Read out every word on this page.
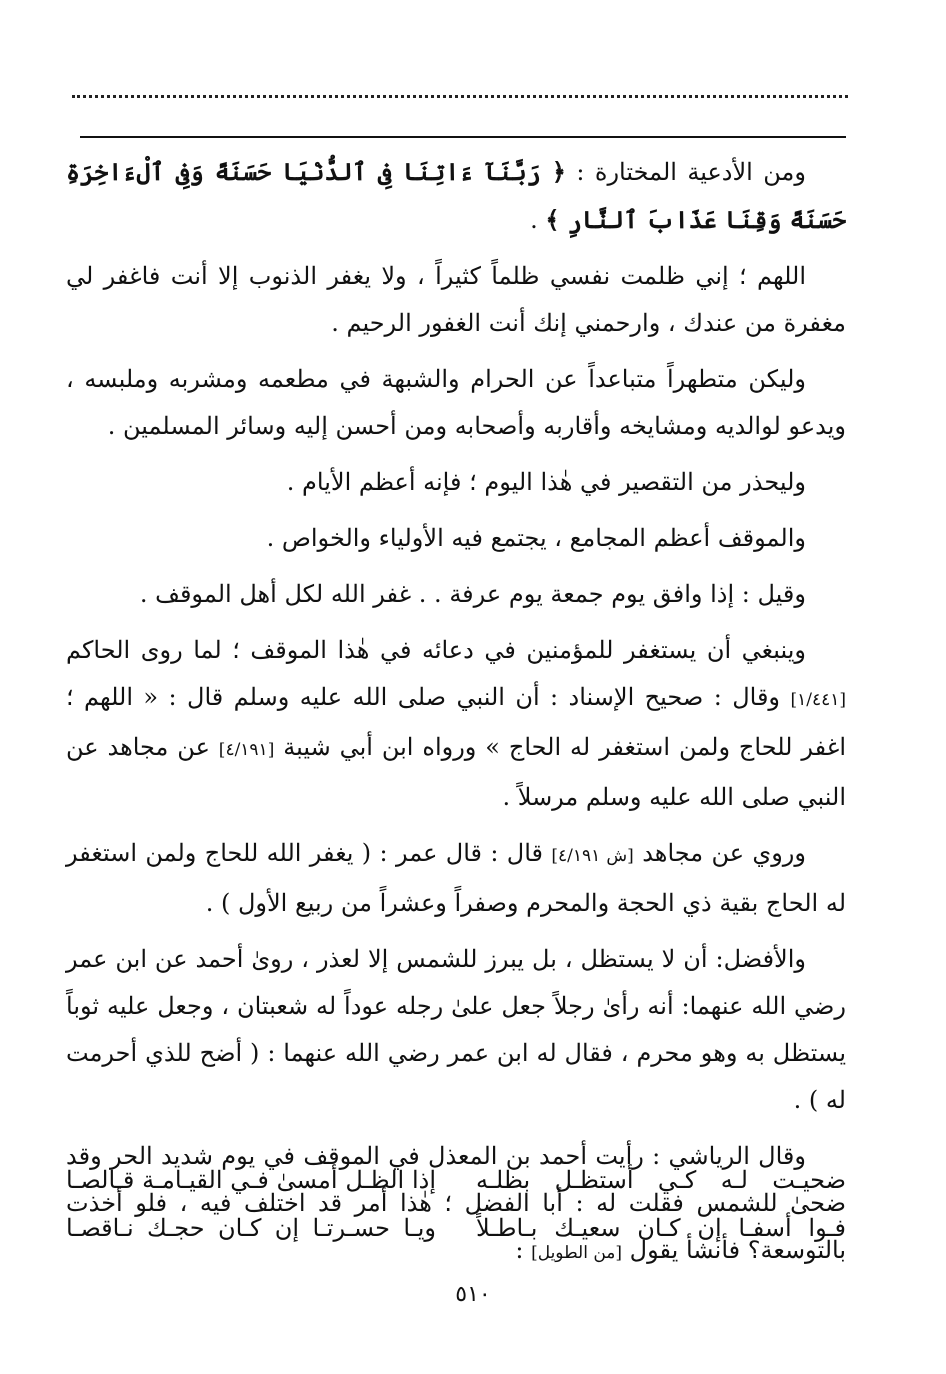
ومن الأدعية المختارة : ﴿ رَبَّنَآ ءَاتِنَا فِى ٱلدُّنْيَا حَسَنَةً وَفِى ٱلْءَاخِرَةِ حَسَنَةً وَقِنَا عَذَابَ ٱلنَّارِ ﴾ .

اللهم ؛ إني ظلمت نفسي ظلماً كثيراً ، ولا يغفر الذنوب إلا أنت فاغفر لي مغفرة من عندك ، وارحمني إنك أنت الغفور الرحيم .

وليكن متطهراً متباعداً عن الحرام والشبهة في مطعمه ومشربه وملبسه ، ويدعو لوالديه ومشايخه وأقاربه وأصحابه ومن أحسن إليه وسائر المسلمين .

وليحذر من التقصير في هٰذا اليوم ؛ فإنه أعظم الأيام .

والموقف أعظم المجامع ، يجتمع فيه الأولياء والخواص .

وقيل : إذا وافق يوم جمعة يوم عرفة . . غفر الله لكل أهل الموقف .

وينبغي أن يستغفر للمؤمنين في دعائه في هٰذا الموقف ؛ لما روى الحاكم [١/٤٤١] وقال : صحيح الإسناد : أن النبي صلى الله عليه وسلم قال : « اللهم ؛ اغفر للحاج ولمن استغفر له الحاج » ورواه ابن أبي شيبة [٤/١٩١] عن مجاهد عن النبي صلى الله عليه وسلم مرسلاً .

وروي عن مجاهد [ش ٤/١٩١] قال : قال عمر : ( يغفر الله للحاج ولمن استغفر له الحاج بقية ذي الحجة والمحرم وصفراً وعشراً من ربيع الأول ) .

والأفضل: أن لا يستظل ، بل يبرز للشمس إلا لعذر ، روىٰ أحمد عن ابن عمر رضي الله عنهما: أنه رأىٰ رجلاً جعل علىٰ رجله عوداً له شعبتان ، وجعل عليه ثوباً يستظل به وهو محرم ، فقال له ابن عمر رضي الله عنهما : ( أضح للذي أحرمت له ) .

وقال الرياشي : رأيت أحمد بن المعذل في الموقف في يوم شديد الحر وقد ضحىٰ للشمس فقلت له : أبا الفضل ؛ هٰذا أمر قد اختلف فيه ، فلو أخذت بالتوسعة؟ فأنشأ يقول [من الطويل] :

ضحيـت لـه كـي أستظـل بظلـه
إذا الظـل أمسىٰ فـي القيـامـة قـالصـا
فـوا أسفـا إن كـان سعيـك بـاطـلاً
ويـا حسـرتـا إن كـان حجـك نـاقصـا
٥١٠
